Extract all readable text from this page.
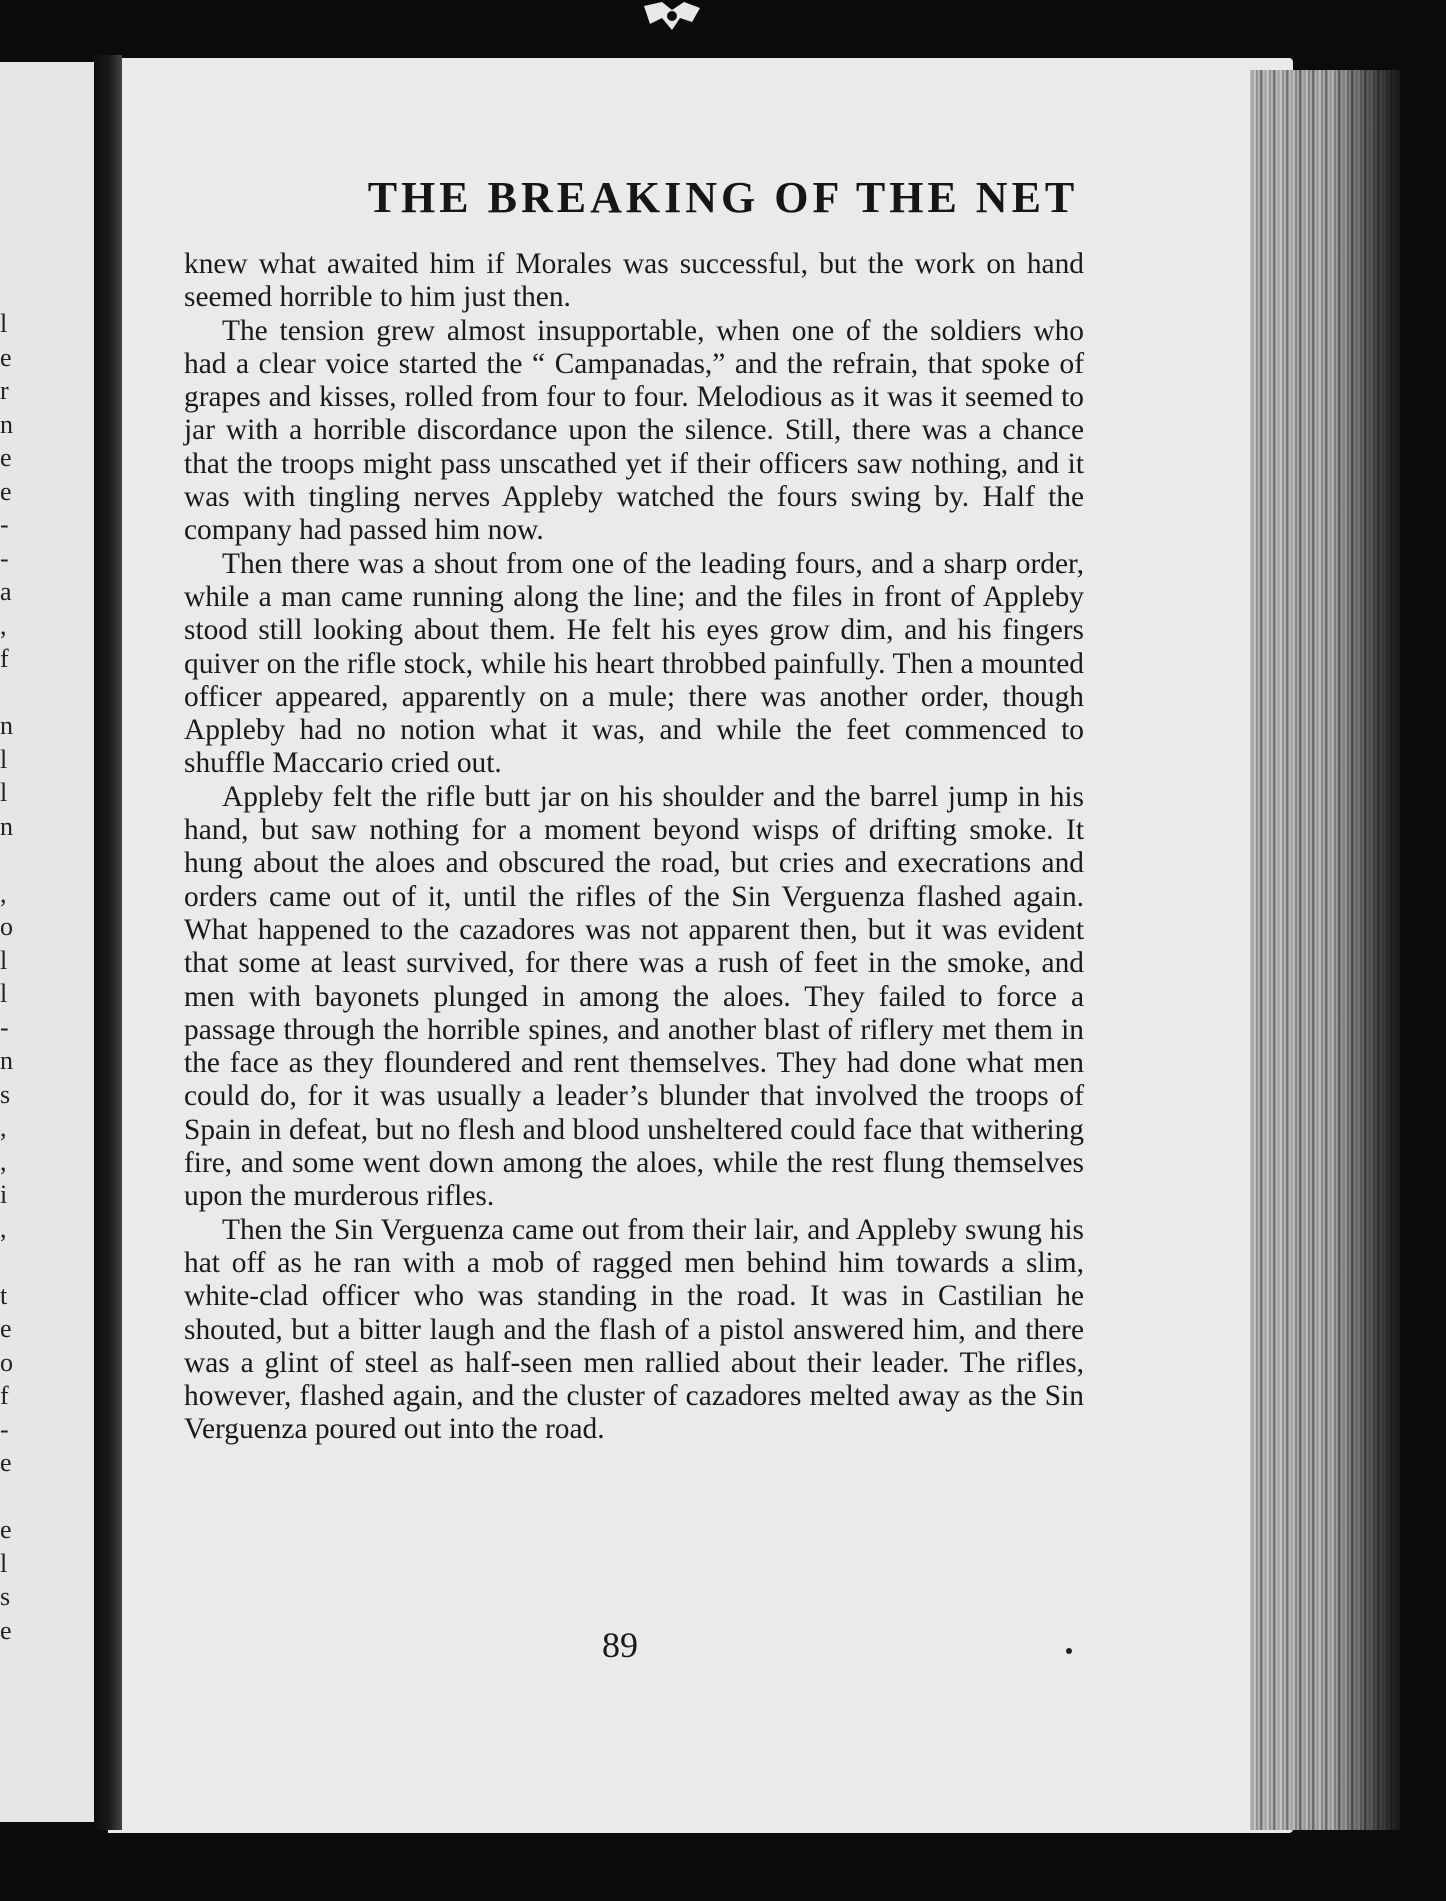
l
e
r
n
e
e
-
-
a
,
f

n
l
l
n

,
o
l
l
-
n
s
,
,
i
,

t
e
o
f
-
e

e
l
s
e
THE BREAKING OF THE NET

knew what awaited him if Morales was successful, but the work on hand seemed horrible to him just then.

The tension grew almost insupportable, when one of the soldiers who had a clear voice started the “ Campanadas,” and the refrain, that spoke of grapes and kisses, rolled from four to four. Melodious as it was it seemed to jar with a horrible discordance upon the silence. Still, there was a chance that the troops might pass unscathed yet if their officers saw nothing, and it was with tingling nerves Appleby watched the fours swing by. Half the company had passed him now.

Then there was a shout from one of the leading fours, and a sharp order, while a man came running along the line; and the files in front of Appleby stood still looking about them. He felt his eyes grow dim, and his fingers quiver on the rifle stock, while his heart throbbed painfully. Then a mounted officer appeared, apparently on a mule; there was another order, though Appleby had no notion what it was, and while the feet commenced to shuffle Maccario cried out.

Appleby felt the rifle butt jar on his shoulder and the barrel jump in his hand, but saw nothing for a moment beyond wisps of drifting smoke. It hung about the aloes and obscured the road, but cries and execrations and orders came out of it, until the rifles of the Sin Verguenza flashed again. What happened to the cazadores was not apparent then, but it was evident that some at least survived, for there was a rush of feet in the smoke, and men with bayonets plunged in among the aloes. They failed to force a passage through the horrible spines, and another blast of riflery met them in the face as they floundered and rent themselves. They had done what men could do, for it was usually a leader’s blunder that involved the troops of Spain in defeat, but no flesh and blood unsheltered could face that withering fire, and some went down among the aloes, while the rest flung themselves upon the murderous rifles.

Then the Sin Verguenza came out from their lair, and Appleby swung his hat off as he ran with a mob of ragged men behind him towards a slim, white-clad officer who was standing in the road. It was in Castilian he shouted, but a bitter laugh and the flash of a pistol answered him, and there was a glint of steel as half-seen men rallied about their leader. The rifles, however, flashed again, and the cluster of cazadores melted away as the Sin Verguenza poured out into the road.

89
